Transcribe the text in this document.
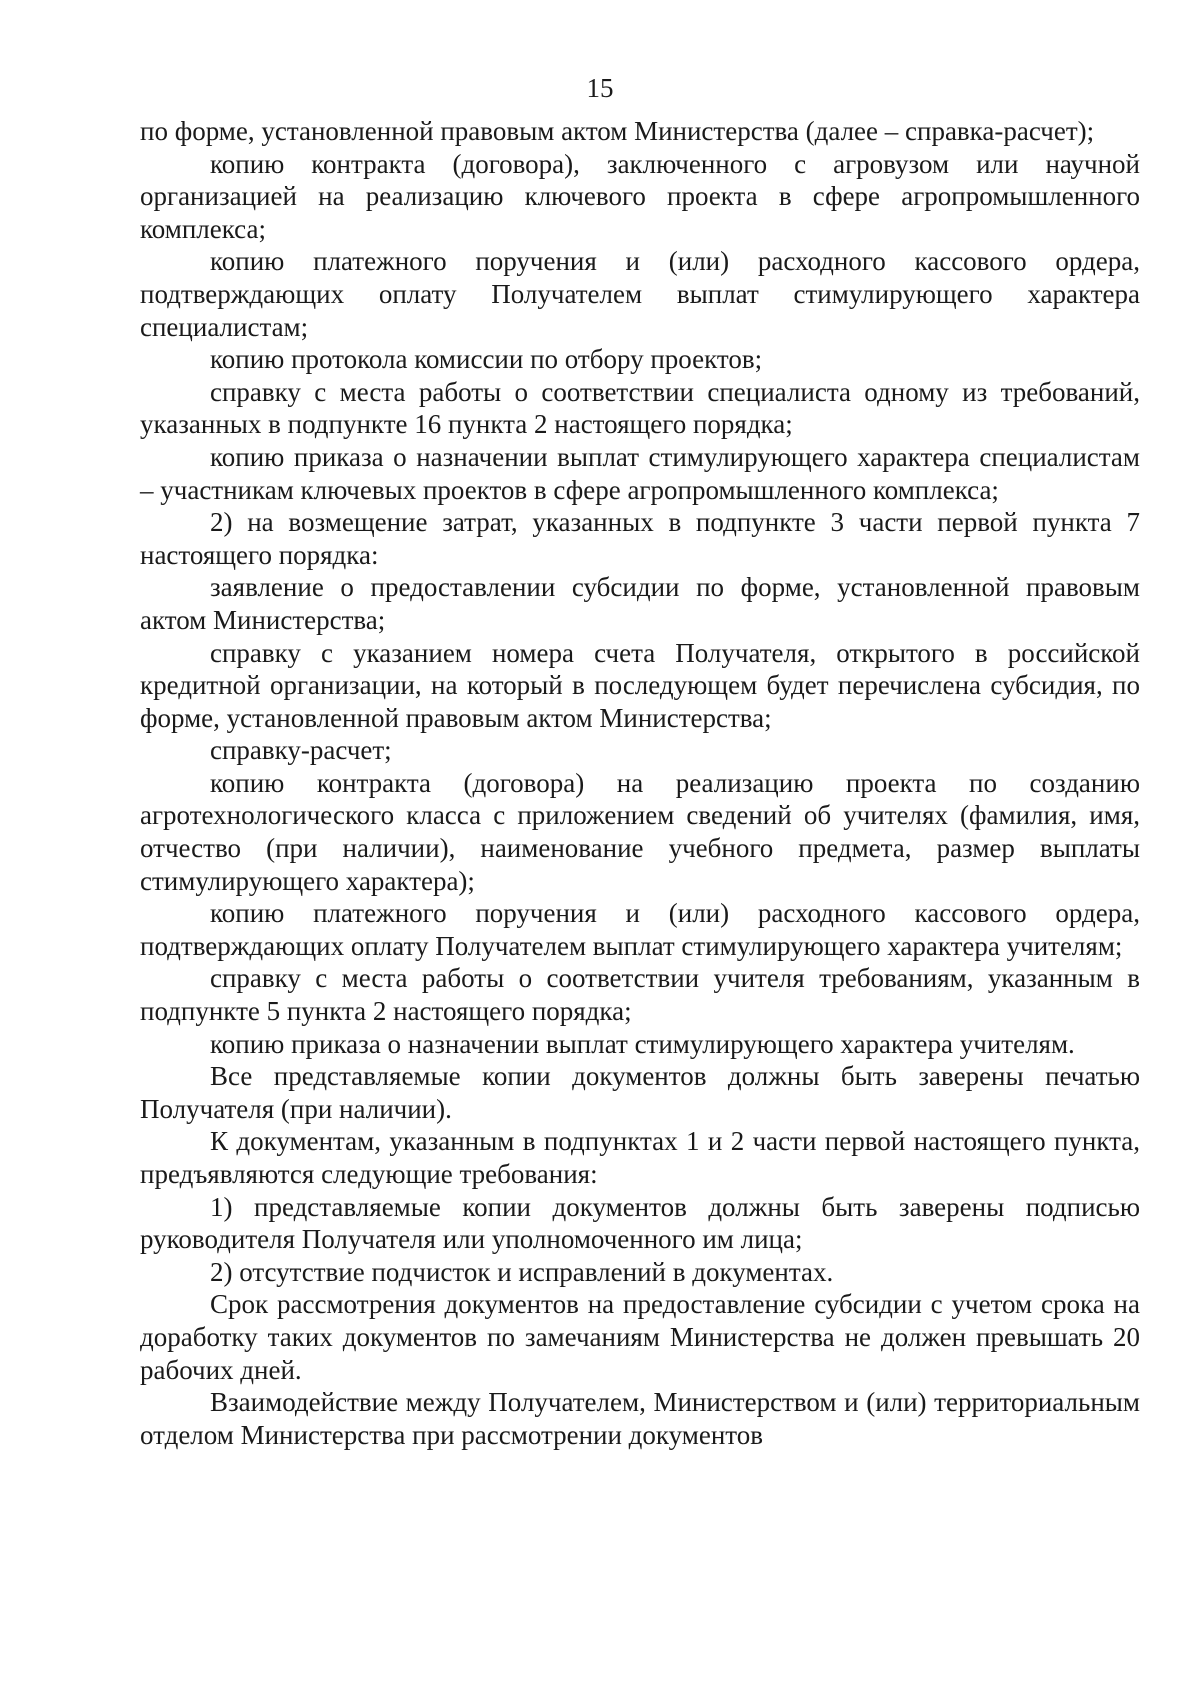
15

по форме, установленной правовым актом Министерства (далее – справка-расчет);

копию контракта (договора), заключенного с агровузом или научной организацией на реализацию ключевого проекта в сфере агропромышленного комплекса;

копию платежного поручения и (или) расходного кассового ордера, подтверждающих оплату Получателем выплат стимулирующего характера специалистам;

копию протокола комиссии по отбору проектов;

справку с места работы о соответствии специалиста одному из требований, указанных в подпункте 16 пункта 2 настоящего порядка;

копию приказа о назначении выплат стимулирующего характера специалистам – участникам ключевых проектов в сфере агропромышленного комплекса;

2) на возмещение затрат, указанных в подпункте 3 части первой пункта 7 настоящего порядка:

заявление о предоставлении субсидии по форме, установленной правовым актом Министерства;

справку с указанием номера счета Получателя, открытого в российской кредитной организации, на который в последующем будет перечислена субсидия, по форме, установленной правовым актом Министерства;

справку-расчет;

копию контракта (договора) на реализацию проекта по созданию агротехнологического класса с приложением сведений об учителях (фамилия, имя, отчество (при наличии), наименование учебного предмета, размер выплаты стимулирующего характера);

копию платежного поручения и (или) расходного кассового ордера, подтверждающих оплату Получателем выплат стимулирующего характера учителям;

справку с места работы о соответствии учителя требованиям, указанным в подпункте 5 пункта 2 настоящего порядка;

копию приказа о назначении выплат стимулирующего характера учителям.

Все представляемые копии документов должны быть заверены печатью Получателя (при наличии).

К документам, указанным в подпунктах 1 и 2 части первой настоящего пункта, предъявляются следующие требования:

1) представляемые копии документов должны быть заверены подписью руководителя Получателя или уполномоченного им лица;

2) отсутствие подчисток и исправлений в документах.

Срок рассмотрения документов на предоставление субсидии с учетом срока на доработку таких документов по замечаниям Министерства не должен превышать 20 рабочих дней.

Взаимодействие между Получателем, Министерством и (или) территориальным отделом Министерства при рассмотрении документов
